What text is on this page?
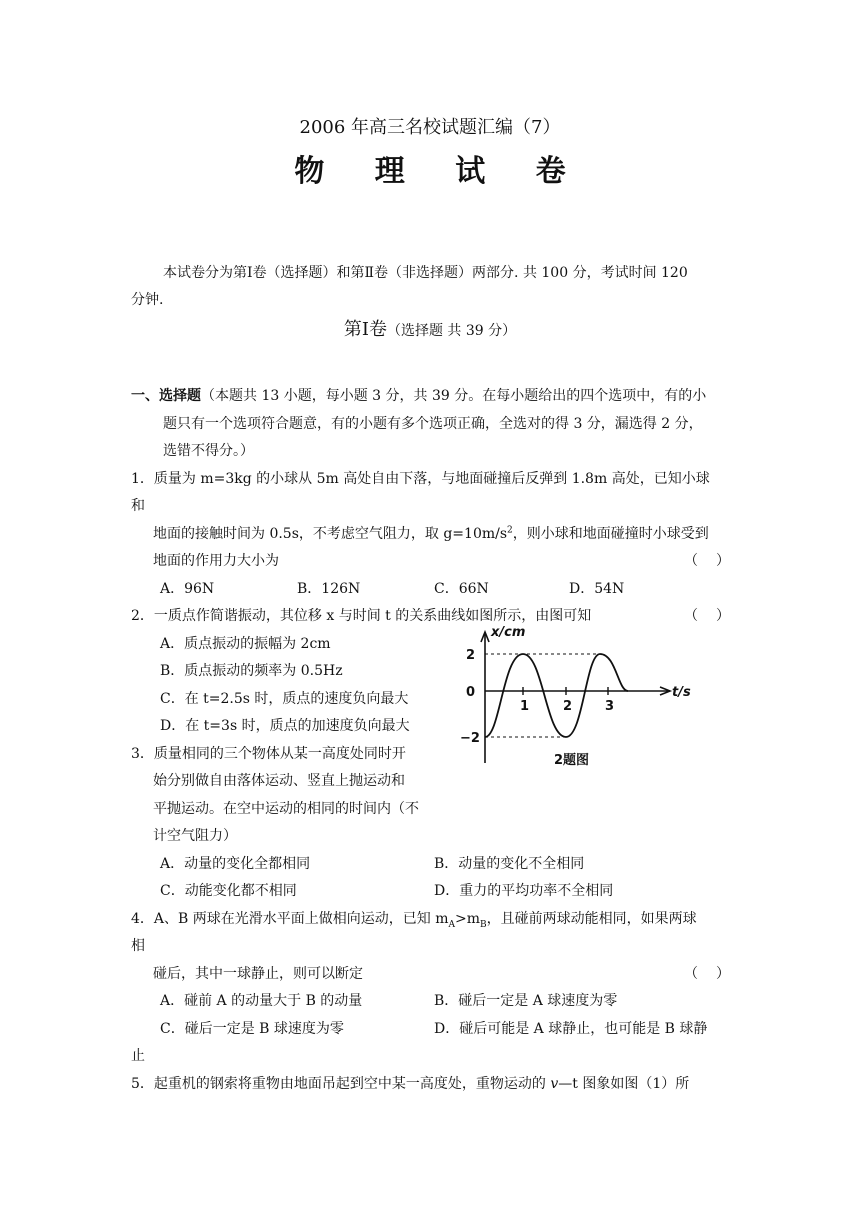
2006 年高三名校试题汇编（7）
物 理 试 卷
本试卷分为第Ⅰ卷（选择题）和第Ⅱ卷（非选择题）两部分. 共 100 分，考试时间 120
分钟.
第Ⅰ卷（选择题 共 39 分）
一、选择题（本题共 13 小题，每小题 3 分，共 39 分。在每小题给出的四个选项中，有的小
题只有一个选项符合题意，有的小题有多个选项正确，全选对的得 3 分，漏选得 2 分，
选错不得分。）
1．质量为 m=3kg 的小球从 5m 高处自由下落，与地面碰撞后反弹到 1.8m 高处，已知小球
和
地面的接触时间为 0.5s，不考虑空气阻力，取 $g=10m/s^2$，则小球和地面碰撞时小球受到
地面的作用力大小为	（ ）
A．96N	B．126N	C．66N	D．54N
2．一质点作简谐振动，其位移 x 与时间 t 的关系曲线如图所示，由图可知	（ ）
A．质点振动的振幅为 2cm
B．质点振动的频率为 0.5Hz
C．在 t=2.5s 时，质点的速度负向最大
D．在 t=3s 时，质点的加速度负向最大
x/cm
t/s
2
0
−2
1	2	3
2题图
3．质量相同的三个物体从某一高度处同时开
始分别做自由落体运动、竖直上抛运动和
平抛运动。在空中运动的相同的时间内（不
计空气阻力）
A．动量的变化全都相同	B．动量的变化不全相同
C．动能变化都不相同	D．重力的平均功率不全相同
4．A、B 两球在光滑水平面上做相向运动，已知 $m_A>m_B$，且碰前两球动能相同，如果两球
相
碰后，其中一球静止，则可以断定	（ ）
A．碰前 A 的动量大于 B 的动量	B．碰后一定是 A 球速度为零
C．碰后一定是 B 球速度为零	D．碰后可能是 A 球静止，也可能是 B 球静
止
5．起重机的钢索将重物由地面吊起到空中某一高度处，重物运动的 v—t 图象如图（1）所
